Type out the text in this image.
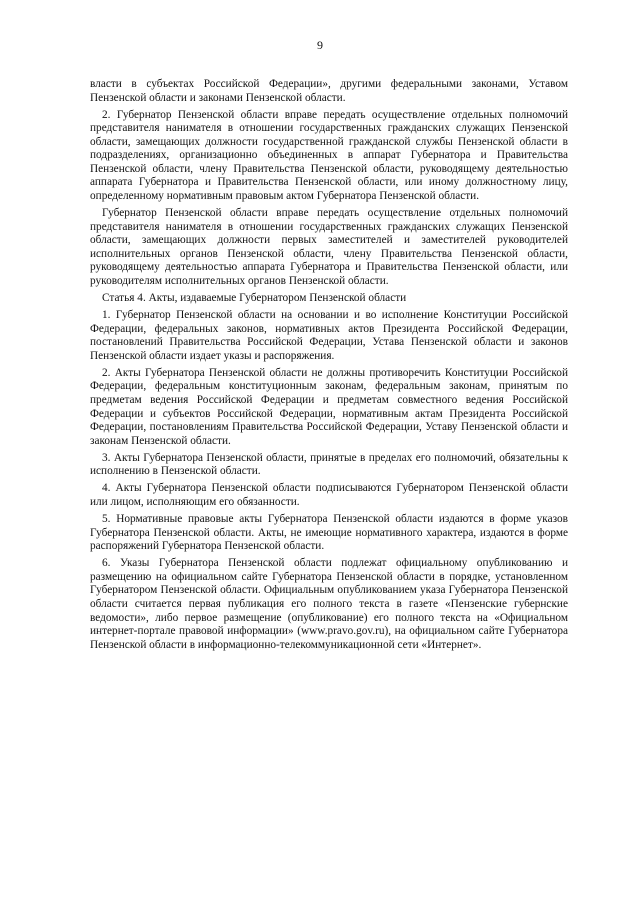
9

власти в субъектах Российской Федерации», другими федеральными законами, Уставом Пензенской области и законами Пензенской области.

2. Губернатор Пензенской области вправе передать осуществление отдельных полномочий представителя нанимателя в отношении государственных гражданских служащих Пензенской области, замещающих должности государственной гражданской службы Пензенской области в подразделениях, организационно объединенных в аппарат Губернатора и Правительства Пензенской области, члену Правительства Пензенской области, руководящему деятельностью аппарата Губернатора и Правительства Пензенской области, или иному должностному лицу, определенному нормативным правовым актом Губернатора Пензенской области.

Губернатор Пензенской области вправе передать осуществление отдельных полномочий представителя нанимателя в отношении государственных гражданских служащих Пензенской области, замещающих должности первых заместителей и заместителей руководителей исполнительных органов Пензенской области, члену Правительства Пензенской области, руководящему деятельностью аппарата Губернатора и Правительства Пензенской области, или руководителям исполнительных органов Пензенской области.

Статья 4. Акты, издаваемые Губернатором Пензенской области

1. Губернатор Пензенской области на основании и во исполнение Конституции Российской Федерации, федеральных законов, нормативных актов Президента Российской Федерации, постановлений Правительства Российской Федерации, Устава Пензенской области и законов Пензенской области издает указы и распоряжения.

2. Акты Губернатора Пензенской области не должны противоречить Конституции Российской Федерации, федеральным конституционным законам, федеральным законам, принятым по предметам ведения Российской Федерации и предметам совместного ведения Российской Федерации и субъектов Российской Федерации, нормативным актам Президента Российской Федерации, постановлениям Правительства Российской Федерации, Уставу Пензенской области и законам Пензенской области.

3. Акты Губернатора Пензенской области, принятые в пределах его полномочий, обязательны к исполнению в Пензенской области.

4. Акты Губернатора Пензенской области подписываются Губернатором Пензенской области или лицом, исполняющим его обязанности.

5. Нормативные правовые акты Губернатора Пензенской области издаются в форме указов Губернатора Пензенской области. Акты, не имеющие нормативного характера, издаются в форме распоряжений Губернатора Пензенской области.

6. Указы Губернатора Пензенской области подлежат официальному опубликованию и размещению на официальном сайте Губернатора Пензенской области в порядке, установленном Губернатором Пензенской области. Официальным опубликованием указа Губернатора Пензенской области считается первая публикация его полного текста в газете «Пензенские губернские ведомости», либо первое размещение (опубликование) его полного текста на «Официальном интернет-портале правовой информации» (www.pravo.gov.ru), на официальном сайте Губернатора Пензенской области в информационно-телекоммуникационной сети «Интернет».
